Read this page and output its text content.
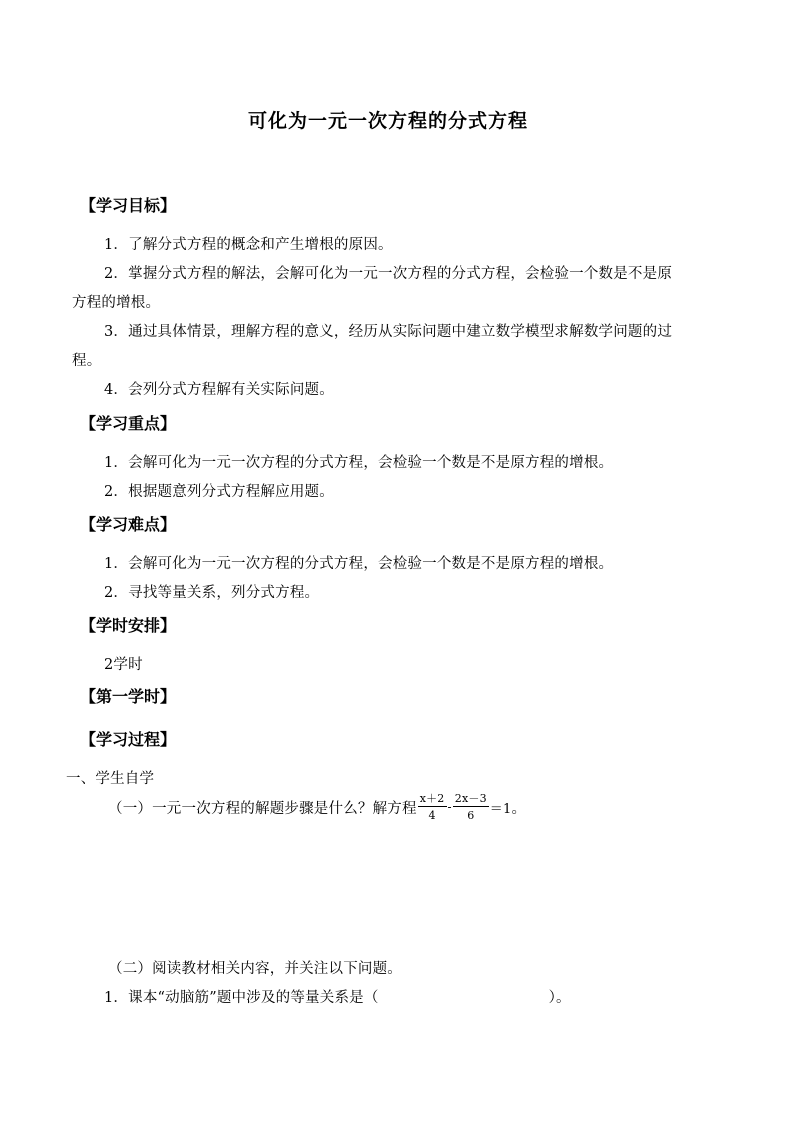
可化为一元一次方程的分式方程
【学习目标】
1．了解分式方程的概念和产生增根的原因。
2．掌握分式方程的解法，会解可化为一元一次方程的分式方程，会检验一个数是不是原
方程的增根。
3．通过具体情景，理解方程的意义，经历从实际问题中建立数学模型求解数学问题的过
程。
4．会列分式方程解有关实际问题。
【学习重点】
1．会解可化为一元一次方程的分式方程，会检验一个数是不是原方程的增根。
2．根据题意列分式方程解应用题。
【学习难点】
1．会解可化为一元一次方程的分式方程，会检验一个数是不是原方程的增根。
2．寻找等量关系，列分式方程。
【学时安排】
2学时
【第一学时】
【学习过程】
一、学生自学
（一）一元一次方程的解题步骤是什么？解方程 $\frac{x+2}{4} - \frac{2x-3}{6} =1$ 。
（二）阅读教材相关内容，并关注以下问题。
1．课本“动脑筋”题中涉及的等量关系是（	）。
